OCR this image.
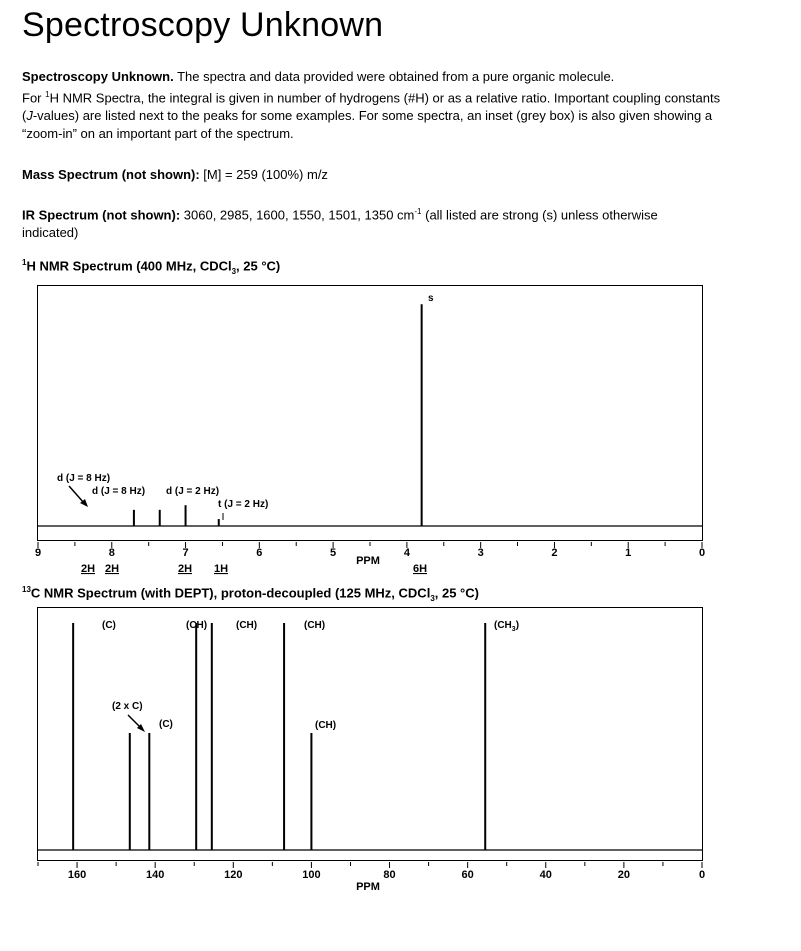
Spectroscopy Unknown

Spectroscopy Unknown. The spectra and data provided were obtained from a pure organic molecule.
For $^1$H NMR Spectra, the integral is given in number of hydrogens (#H) or as a relative ratio. Important coupling constants
(J-values) are listed next to the peaks for some examples. For some spectra, an inset (grey box) is also given showing a
“zoom-in” on an important part of the spectrum.

Mass Spectrum (not shown): [M] = 259 (100%) m/z

IR Spectrum (not shown): 3060, 2985, 1600, 1550, 1501, 1350 $cm^{-1}$ (all listed are strong (s) unless otherwise
indicated)

$^1$H NMR Spectrum (400 MHz, CDCl$_3$, 25 °C)

9	8	7	6	5	4	3	2	1	0
PPM
d (J = 8 Hz)
d (J = 8 Hz) d (J = 2 Hz)
t (J = 2 Hz)
s
2H 2H	2H 1H	6H

$^{13}$C NMR Spectrum (with DEPT), proton-decoupled (125 MHz, CDCl$_3$, 25 °C)

160	140	120	100	80	60	40	20	0
PPM
(C)
(2 x C)
(C)
(CH)	(CH)	(CH)
(CH)
$(CH_3)$
